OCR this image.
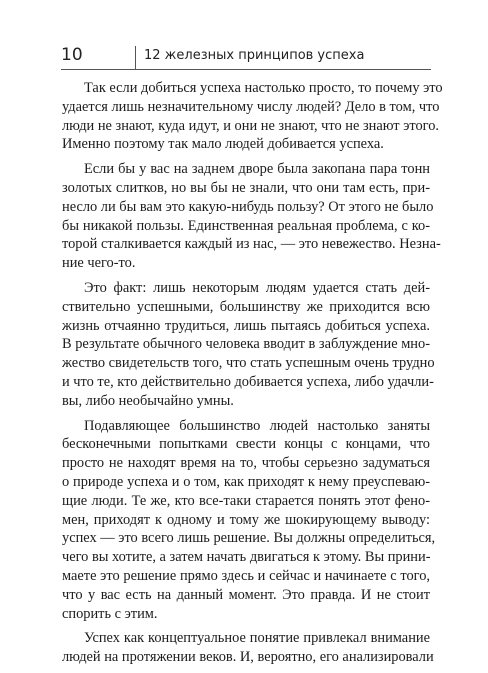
10	12 железных принципов успеха

Так если добиться успеха настолько просто, то почему это
удается лишь незначительному числу людей? Дело в том, что
люди не знают, куда идут, и они не знают, что не знают этого.
Именно поэтому так мало людей добивается успеха.

Если бы у вас на заднем дворе была закопана пара тонн
золотых слитков, но вы бы не знали, что они там есть, при-
несло ли бы вам это какую-нибудь пользу? От этого не было
бы никакой пользы. Единственная реальная проблема, с ко-
торой сталкивается каждый из нас, — это невежество. Незна-
ние чего-то.

Это факт: лишь некоторым людям удается стать дей-
ствительно успешными, большинству же приходится всю
жизнь отчаянно трудиться, лишь пытаясь добиться успеха.
В результате обычного человека вводит в заблуждение мно-
жество свидетельств того, что стать успешным очень трудно
и что те, кто действительно добивается успеха, либо удачли-
вы, либо необычайно умны.

Подавляющее большинство людей настолько заняты
бесконечными попытками свести концы с концами, что
просто не находят время на то, чтобы серьезно задуматься
о природе успеха и о том, как приходят к нему преуспеваю-
щие люди. Те же, кто все-таки старается понять этот фено-
мен, приходят к одному и тому же шокирующему выводу:
успех — это всего лишь решение. Вы должны определиться,
чего вы хотите, а затем начать двигаться к этому. Вы прини-
маете это решение прямо здесь и сейчас и начинаете с того,
что у вас есть на данный момент. Это правда. И не стоит
спорить с этим.

Успех как концептуальное понятие привлекал внимание
людей на протяжении веков. И, вероятно, его анализировали
